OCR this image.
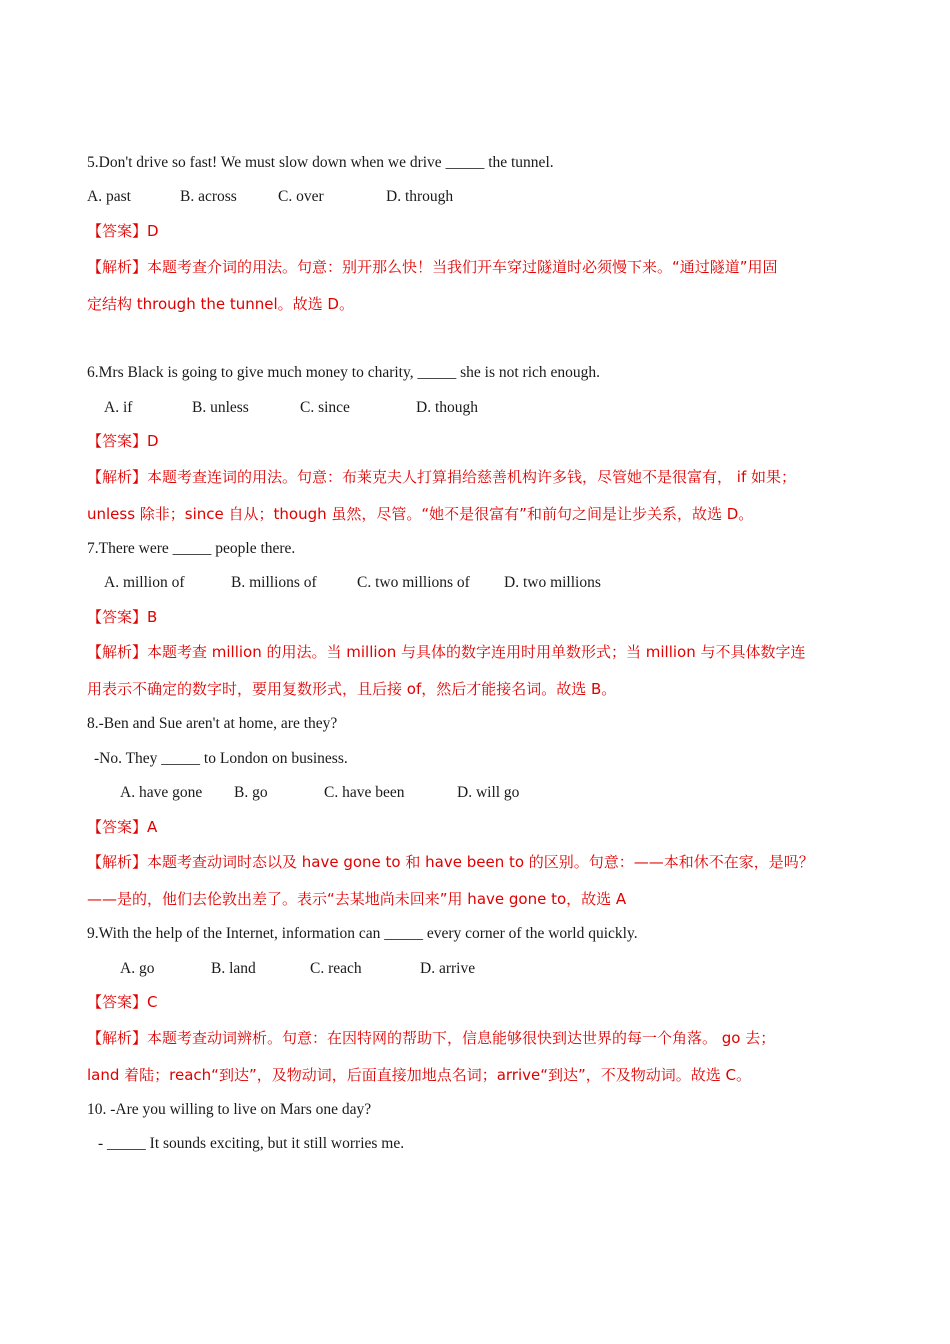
5.Don't drive so fast! We must slow down when we drive _____ the tunnel.

A. past	B. across	C. over	D. through

【答案】D

【解析】本题考查介词的用法。句意：别开那么快！当我们开车穿过隧道时必须慢下来。“通过隧道”用固

定结构 through the tunnel。故选 D。

6.Mrs Black is going to give much money to charity, _____ she is not rich enough.

A. if	B. unless	C. since	D. though

【答案】D

【解析】本题考查连词的用法。句意：布莱克夫人打算捐给慈善机构许多钱，尽管她不是很富有， if 如果；

unless 除非；since 自从；though 虽然，尽管。“她不是很富有”和前句之间是让步关系，故选 D。

7.There were _____ people there.

A. million of	B. millions of	C. two millions of D. two millions

【答案】B

【解析】本题考查 million 的用法。当 million 与具体的数字连用时用单数形式；当 million 与不具体数字连

用表示不确定的数字时，要用复数形式，且后接 of，然后才能接名词。故选 B。

8.-Ben and Sue aren't at home, are they?

-No. They _____ to London on business.

A. have gone B. go	C. have been	D. will go

【答案】A

【解析】本题考查动词时态以及 have gone to 和 have been to 的区别。句意：——本和休不在家，是吗？

——是的，他们去伦敦出差了。表示“去某地尚未回来”用 have gone to，故选 A

9.With the help of the Internet, information can _____ every corner of the world quickly.

A. go	B. land	C. reach	D. arrive

【答案】C

【解析】本题考查动词辨析。句意：在因特网的帮助下，信息能够很快到达世界的每一个角落。 go 去；

land 着陆；reach“到达”，及物动词，后面直接加地点名词；arrive“到达”，不及物动词。故选 C。

10. -Are you willing to live on Mars one day?

- _____ It sounds exciting, but it still worries me.
